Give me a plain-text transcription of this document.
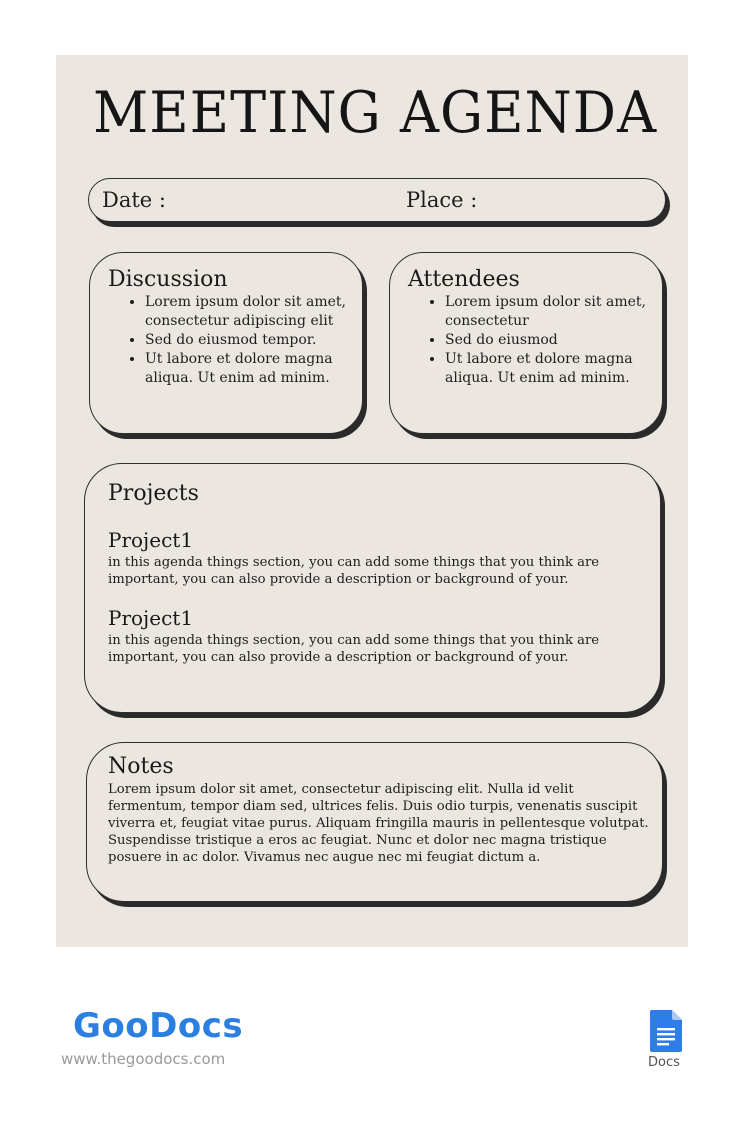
MEETING AGENDA
Date :	Place :
Discussion
• Lorem ipsum dolor sit amet, consectetur adipiscing elit
• Sed do eiusmod tempor.
• Ut labore et dolore magna aliqua. Ut enim ad minim.
Attendees
• Lorem ipsum dolor sit amet, consectetur
• Sed do eiusmod
• Ut labore et dolore magna aliqua. Ut enim ad minim.
Projects
Project1
in this agenda things section, you can add some things that you think are important, you can also provide a description or background of your.
Project1
in this agenda things section, you can add some things that you think are important, you can also provide a description or background of your.
Notes
Lorem ipsum dolor sit amet, consectetur adipiscing elit. Nulla id velit fermentum, tempor diam sed, ultrices felis. Duis odio turpis, venenatis suscipit viverra et, feugiat vitae purus. Aliquam fringilla mauris in pellentesque volutpat. Suspendisse tristique a eros ac feugiat. Nunc et dolor nec magna tristique posuere in ac dolor. Vivamus nec augue nec mi feugiat dictum a.
GooDocs
www.thegoodocs.com	Docs
